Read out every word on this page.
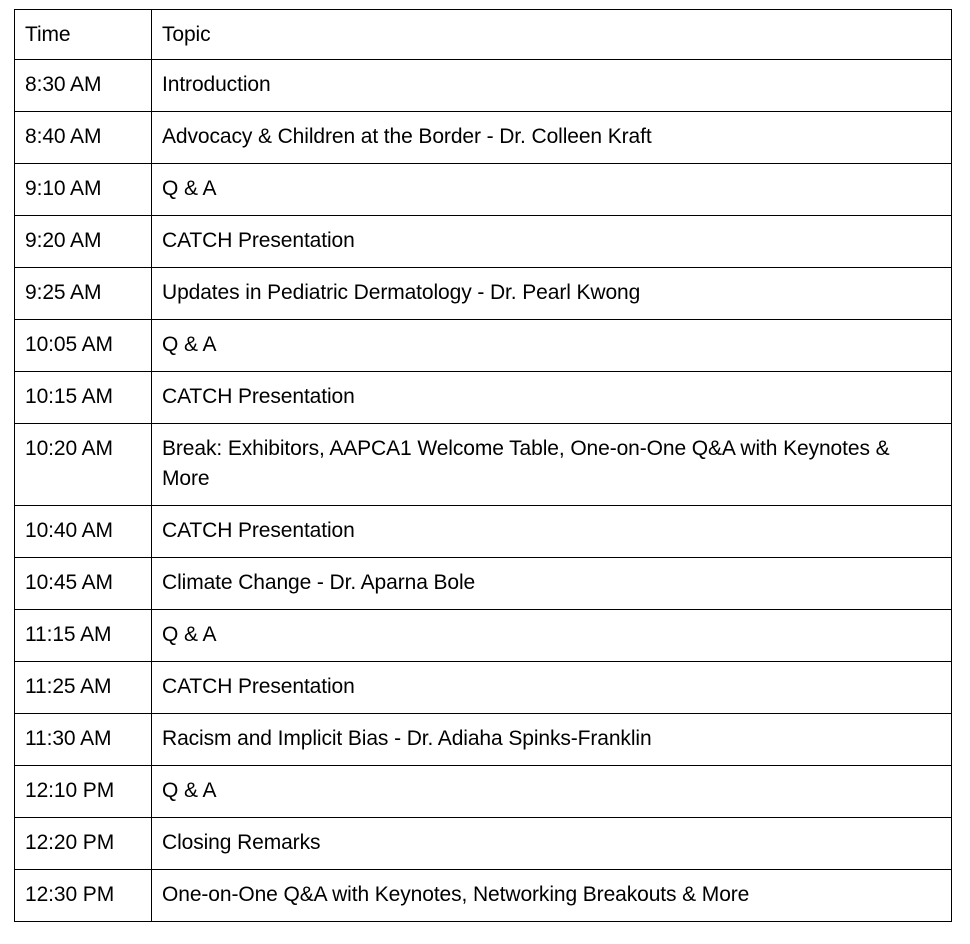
Time	Topic
8:30 AM	Introduction
8:40 AM	Advocacy & Children at the Border - Dr. Colleen Kraft
9:10 AM	Q & A
9:20 AM	CATCH Presentation
9:25 AM	Updates in Pediatric Dermatology - Dr. Pearl Kwong
10:05 AM	Q & A
10:15 AM	CATCH Presentation
10:20 AM	Break: Exhibitors, AAPCA1 Welcome Table, One-on-One Q&A with Keynotes & More
10:40 AM	CATCH Presentation
10:45 AM	Climate Change - Dr. Aparna Bole
11:15 AM	Q & A
11:25 AM	CATCH Presentation
11:30 AM	Racism and Implicit Bias - Dr. Adiaha Spinks-Franklin
12:10 PM	Q & A
12:20 PM	Closing Remarks
12:30 PM	One-on-One Q&A with Keynotes, Networking Breakouts & More
